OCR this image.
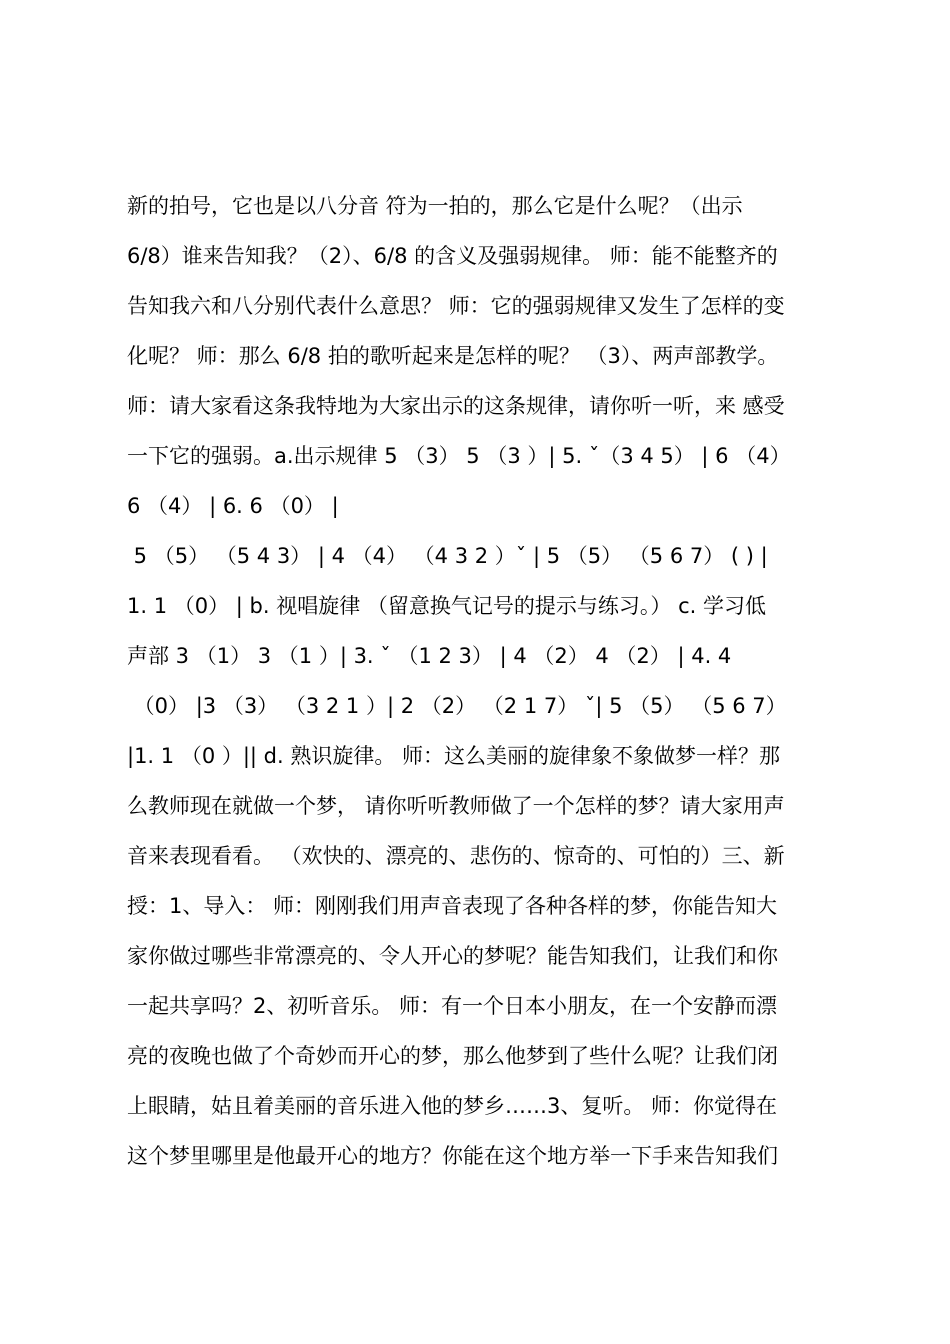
新的拍号，它也是以八分音 符为一拍的，那么它是什么呢？（出示
6/8）谁来告知我？（2）、6/8 的含义及强弱规律。 师：能不能整齐的
告知我六和八分别代表什么意思？ 师：它的强弱规律又发生了怎样的变
化呢？ 师：那么 6/8 拍的歌听起来是怎样的呢？ （3）、两声部教学。
师：请大家看这条我特地为大家出示的这条规律，请你听一听，来 感受
一下它的强弱。a.出示规律 5 （3） 5 （3 ）| 5. ˇ（3 4 5） | 6 （4）
6 （4） | 6. 6 （0） |
5 （5） （5 4 3） | 4 （4） （4 3 2 ）ˇ | 5 （5） （5 6 7） ( ) |
1. 1 （0） | b. 视唱旋律 （留意换气记号的提示与练习。） c. 学习低
声部 3 （1） 3 （1 ）| 3. ˇ （1 2 3） | 4 （2） 4 （2） | 4. 4
（0） |3 （3） （3 2 1 ）| 2 （2） （2 1 7） ˇ| 5 （5） （5 6 7）
|1. 1 （0 ）|| d. 熟识旋律。 师：这么美丽的旋律象不象做梦一样？那
么教师现在就做一个梦， 请你听听教师做了一个怎样的梦？请大家用声
音来表现看看。 （欢快的、漂亮的、悲伤的、惊奇的、可怕的）三、新
授：1、导入： 师：刚刚我们用声音表现了各种各样的梦，你能告知大
家你做过哪些非常漂亮的、令人开心的梦呢？能告知我们，让我们和你
一起共享吗？2、初听音乐。 师：有一个日本小朋友，在一个安静而漂
亮的夜晚也做了个奇妙而开心的梦，那么他梦到了些什么呢？让我们闭
上眼睛，姑且着美丽的音乐进入他的梦乡……3、复听。 师：你觉得在
这个梦里哪里是他最开心的地方？你能在这个地方举一下手来告知我们
